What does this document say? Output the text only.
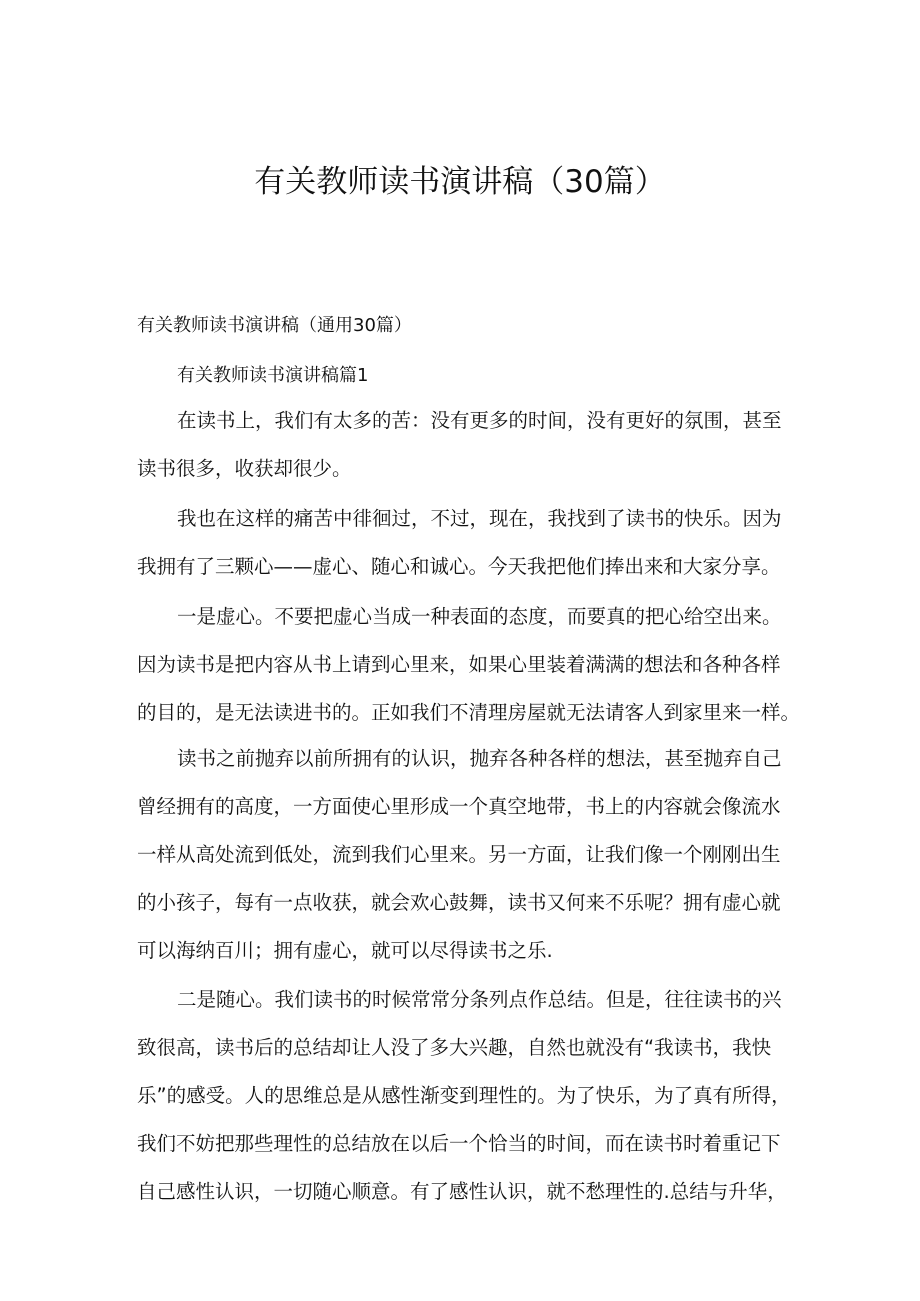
有关教师读书演讲稿（30篇）

有关教师读书演讲稿（通用30篇）

有关教师读书演讲稿篇1

在读书上，我们有太多的苦：没有更多的时间，没有更好的氛围，甚至
读书很多，收获却很少。
我也在这样的痛苦中徘徊过，不过，现在，我找到了读书的快乐。因为
我拥有了三颗心——虚心、随心和诚心。今天我把他们捧出来和大家分享。
一是虚心。不要把虚心当成一种表面的态度，而要真的把心给空出来。
因为读书是把内容从书上请到心里来，如果心里装着满满的想法和各种各样
的目的，是无法读进书的。正如我们不清理房屋就无法请客人到家里来一样。
读书之前抛弃以前所拥有的认识，抛弃各种各样的想法，甚至抛弃自己
曾经拥有的高度，一方面使心里形成一个真空地带，书上的内容就会像流水
一样从高处流到低处，流到我们心里来。另一方面，让我们像一个刚刚出生
的小孩子，每有一点收获，就会欢心鼓舞，读书又何来不乐呢？拥有虚心就
可以海纳百川；拥有虚心，就可以尽得读书之乐.
二是随心。我们读书的时候常常分条列点作总结。但是，往往读书的兴
致很高，读书后的总结却让人没了多大兴趣，自然也就没有“我读书，我快
乐”的感受。人的思维总是从感性渐变到理性的。为了快乐，为了真有所得，
我们不妨把那些理性的总结放在以后一个恰当的时间，而在读书时着重记下
自己感性认识，一切随心顺意。有了感性认识，就不愁理性的.总结与升华，
